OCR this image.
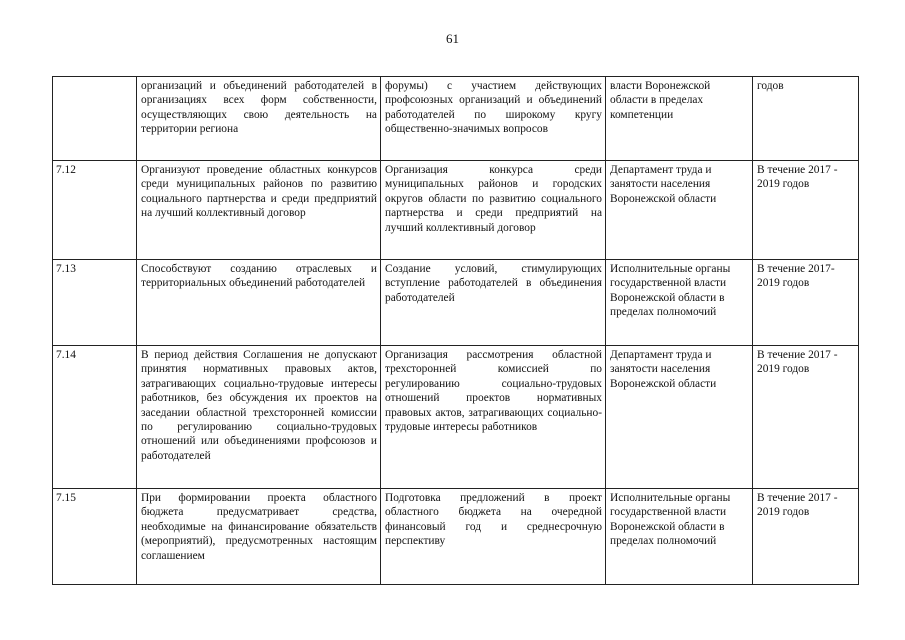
61
	организаций и объединений работодателей в организациях всех форм собственности, осуществляющих свою деятельность на территории региона	форумы) с участием действующих профсоюзных организаций и объединений работодателей по широкому кругу общественно-значимых вопросов	власти Воронежской области в пределах компетенции	годов
7.12	Организуют проведение областных конкурсов среди муниципальных районов по развитию социального партнерства и среди предприятий на лучший коллективный договор	Организация конкурса среди муниципальных районов и городских округов области по развитию социального партнерства и среди предприятий на лучший коллективный договор	Департамент труда и занятости населения Воронежской области	В течение 2017 - 2019 годов
7.13	Способствуют созданию отраслевых и территориальных объединений работодателей	Создание условий, стимулирующих вступление работодателей в объединения работодателей	Исполнительные органы государственной власти Воронежской области в пределах полномочий	В течение 2017- 2019 годов
7.14	В период действия Соглашения не допускают принятия нормативных правовых актов, затрагивающих социально-трудовые интересы работников, без обсуждения их проектов на заседании областной трехсторонней комиссии по регулированию социально-трудовых отношений или объединениями профсоюзов и работодателей	Организация рассмотрения областной трехсторонней комиссией по регулированию социально-трудовых отношений проектов нормативных правовых актов, затрагивающих социально-трудовые интересы работников	Департамент труда и занятости населения Воронежской области	В течение 2017 - 2019 годов
7.15	При формировании проекта областного бюджета предусматривает средства, необходимые на финансирование обязательств (мероприятий), предусмотренных настоящим соглашением	Подготовка предложений в проект областного бюджета на очередной финансовый год и среднесрочную перспективу	Исполнительные органы государственной власти Воронежской области в пределах полномочий	В течение 2017 - 2019 годов
